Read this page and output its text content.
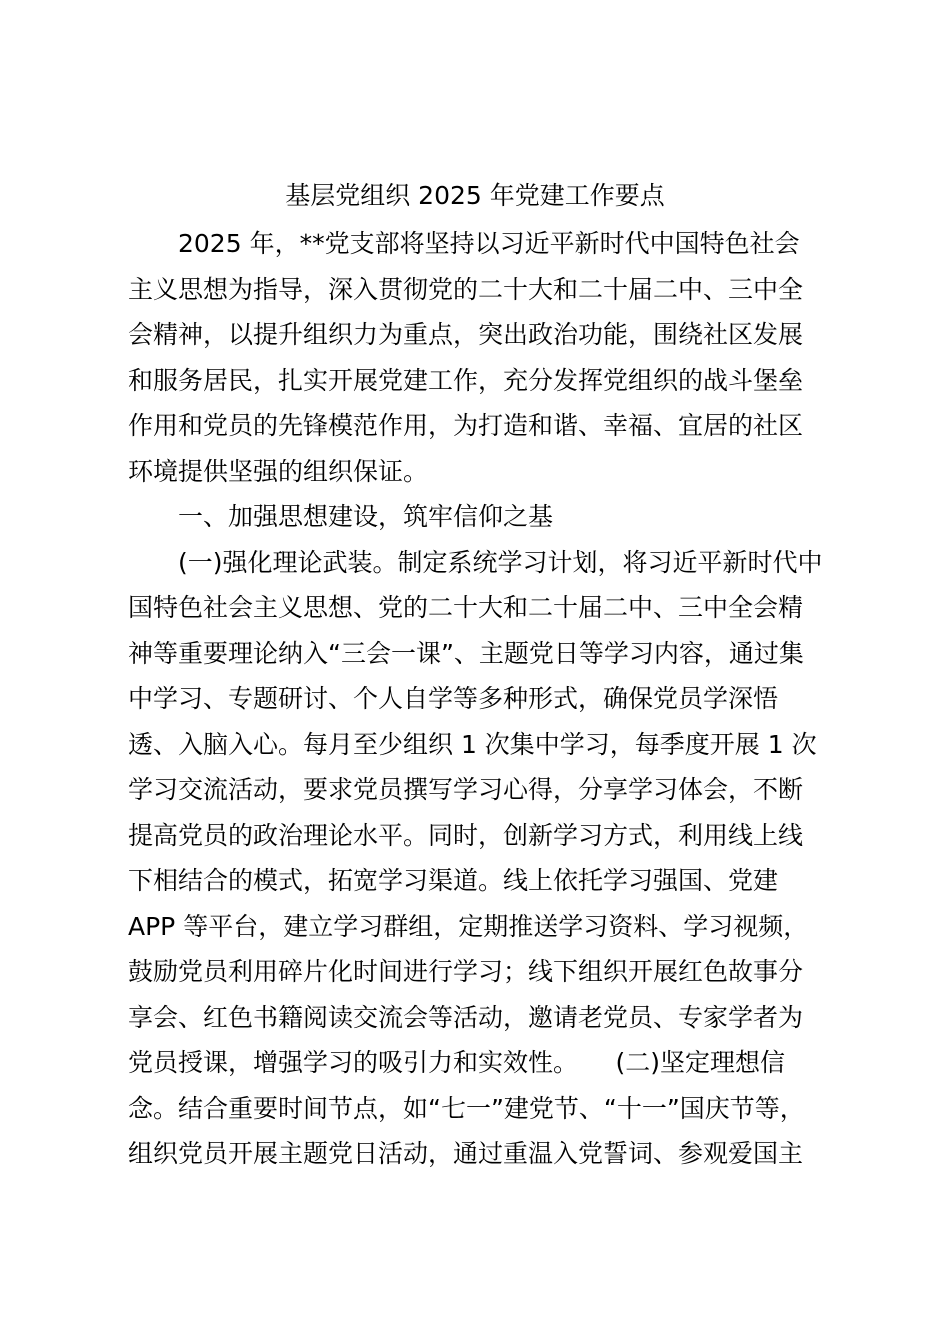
基层党组织 2025 年党建工作要点
2025 年，**党支部将坚持以习近平新时代中国特色社会
主义思想为指导，深入贯彻党的二十大和二十届二中、三中全
会精神，以提升组织力为重点，突出政治功能，围绕社区发展
和服务居民，扎实开展党建工作，充分发挥党组织的战斗堡垒
作用和党员的先锋模范作用，为打造和谐、幸福、宜居的社区
环境提供坚强的组织保证。
一、加强思想建设，筑牢信仰之基
(一)强化理论武装。制定系统学习计划，将习近平新时代中
国特色社会主义思想、党的二十大和二十届二中、三中全会精
神等重要理论纳入“三会一课”、主题党日等学习内容，通过集
中学习、专题研讨、个人自学等多种形式，确保党员学深悟
透、入脑入心。每月至少组织 1 次集中学习，每季度开展 1 次
学习交流活动，要求党员撰写学习心得，分享学习体会，不断
提高党员的政治理论水平。同时，创新学习方式，利用线上线
下相结合的模式，拓宽学习渠道。线上依托学习强国、党建
APP 等平台，建立学习群组，定期推送学习资料、学习视频，
鼓励党员利用碎片化时间进行学习；线下组织开展红色故事分
享会、红色书籍阅读交流会等活动，邀请老党员、专家学者为
党员授课，增强学习的吸引力和实效性。　　(二)坚定理想信
念。结合重要时间节点，如“七一”建党节、“十一”国庆节等，
组织党员开展主题党日活动，通过重温入党誓词、参观爱国主
